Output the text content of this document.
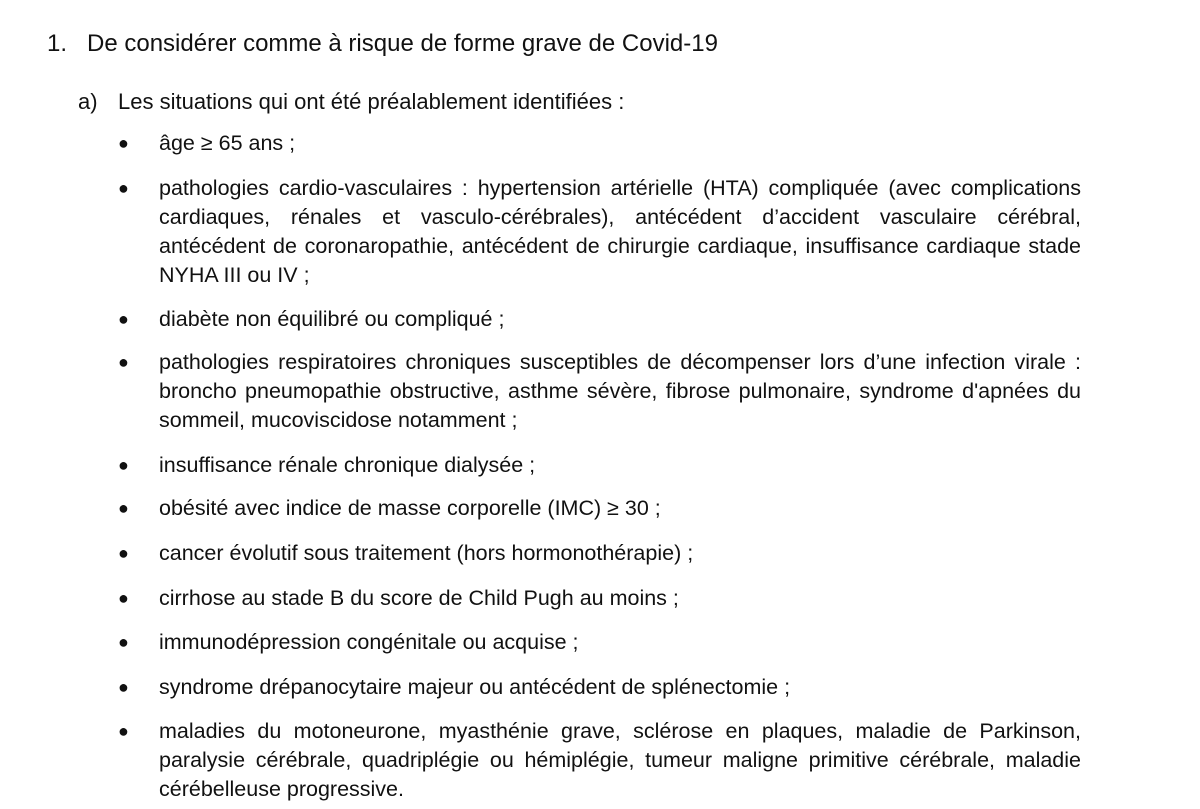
1. De considérer comme à risque de forme grave de Covid-19
a) Les situations qui ont été préalablement identifiées :
●
âge ≥ 65 ans ;
●
pathologies cardio-vasculaires : hypertension artérielle (HTA) compliquée (avec complications cardiaques, rénales et vasculo-cérébrales), antécédent d’accident vasculaire cérébral, antécédent de coronaropathie, antécédent de chirurgie cardiaque, insuffisance cardiaque stade NYHA III ou IV ;
●
diabète non équilibré ou compliqué ;
●
pathologies respiratoires chroniques susceptibles de décompenser lors d’une infection virale : broncho pneumopathie obstructive, asthme sévère, fibrose pulmonaire, syndrome d'apnées du sommeil, mucoviscidose notamment ;
●
insuffisance rénale chronique dialysée ;
●
obésité avec indice de masse corporelle (IMC) ≥ 30 ;
●
cancer évolutif sous traitement (hors hormonothérapie) ;
●
cirrhose au stade B du score de Child Pugh au moins ;
●
immunodépression congénitale ou acquise ;
●
syndrome drépanocytaire majeur ou antécédent de splénectomie ;
●
maladies du motoneurone, myasthénie grave, sclérose en plaques, maladie de Parkinson, paralysie cérébrale, quadriplégie ou hémiplégie, tumeur maligne primitive cérébrale, maladie cérébelleuse progressive.
